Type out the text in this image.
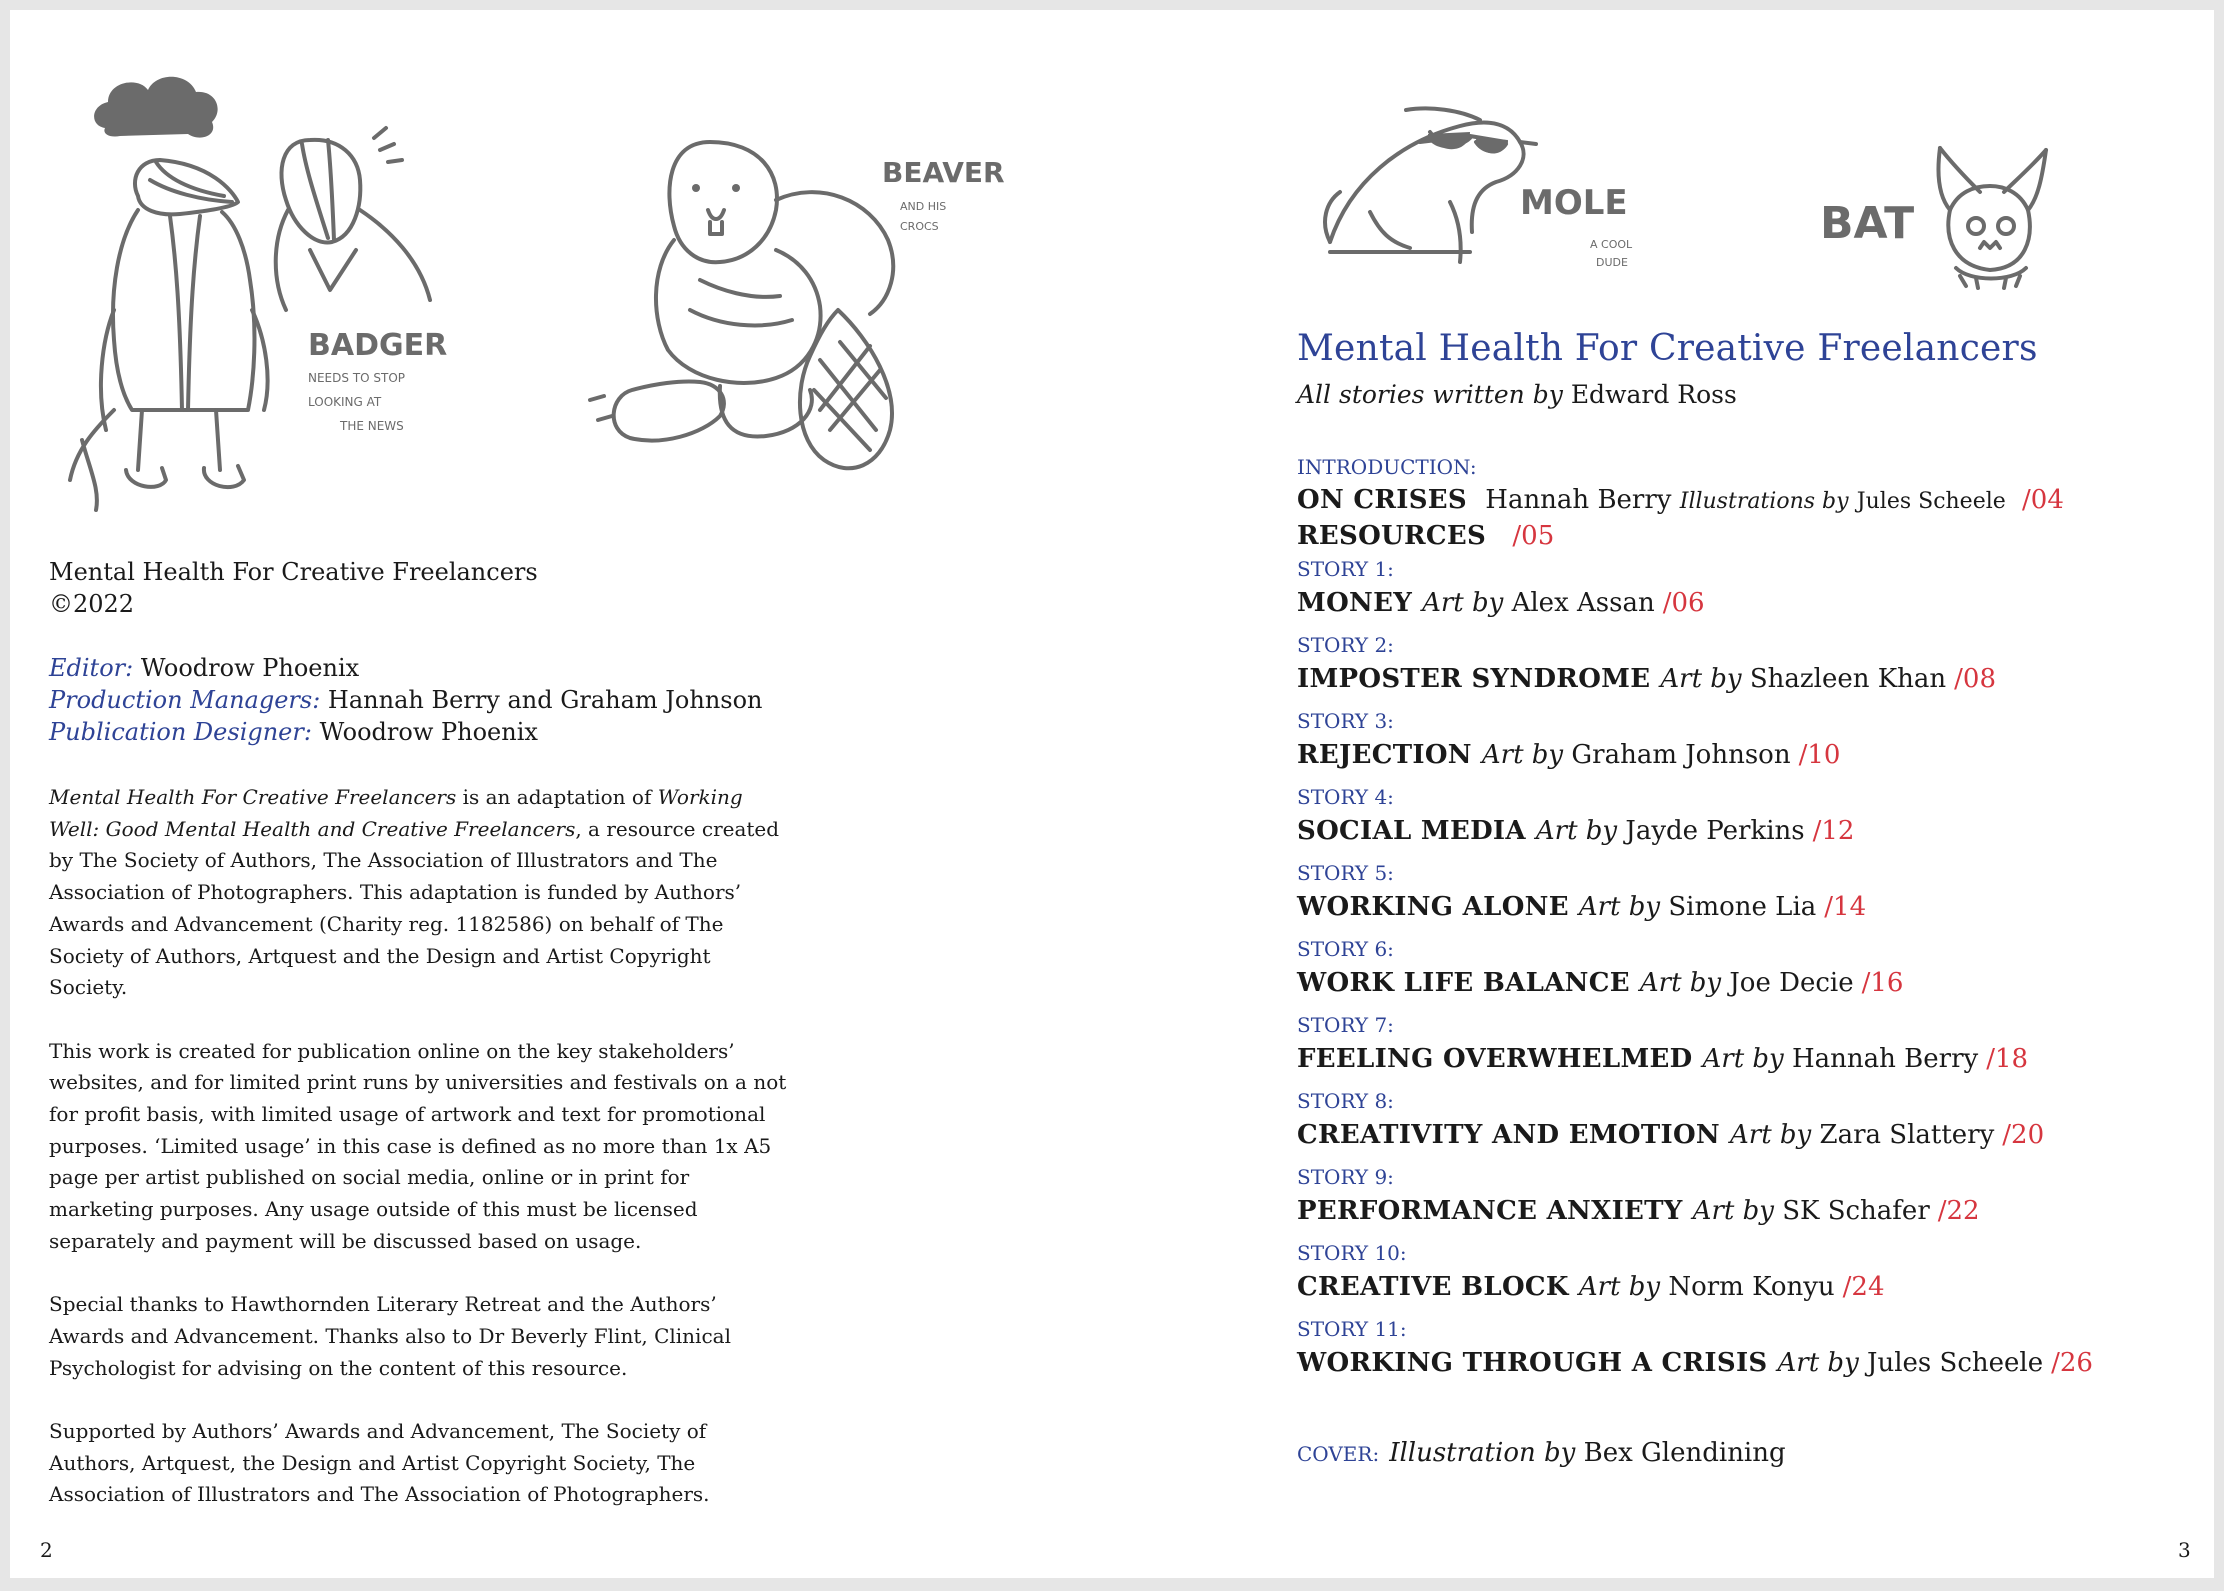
BADGER
NEEDS TO STOP
LOOKING AT
THE NEWS
BEAVER
AND HIS
CROCS
Mental Health For Creative Freelancers
©2022
Editor: Woodrow Phoenix
Production Managers: Hannah Berry and Graham Johnson
Publication Designer: Woodrow Phoenix

Mental Health For Creative Freelancers is an adaptation of Working Well: Good Mental Health and Creative Freelancers, a resource created by The Society of Authors, The Association of Illustrators and The Association of Photographers. This adaptation is funded by Authors’ Awards and Advancement (Charity reg. 1182586) on behalf of The Society of Authors, Artquest and the Design and Artist Copyright Society.

This work is created for publication online on the key stakeholders’ websites, and for limited print runs by universities and festivals on a not for profit basis, with limited usage of artwork and text for promotional purposes. ‘Limited usage’ in this case is defined as no more than 1x A5 page per artist published on social media, online or in print for marketing purposes. Any usage outside of this must be licensed separately and payment will be discussed based on usage.

Special thanks to Hawthornden Literary Retreat and the Authors’ Awards and Advancement. Thanks also to Dr Beverly Flint, Clinical Psychologist for advising on the content of this resource.

Supported by Authors’ Awards and Advancement, The Society of Authors, Artquest, the Design and Artist Copyright Society, The Association of Illustrators and The Association of Photographers.

2
MOLE
A COOL
DUDE
BAT
Mental Health For Creative Freelancers
All stories written by Edward Ross
INTRODUCTION:
ON CRISES Hannah Berry Illustrations by Jules Scheele /04
RESOURCES /05
STORY 1:
MONEY Art by Alex Assan /06
STORY 2:
IMPOSTER SYNDROME Art by Shazleen Khan /08
STORY 3:
REJECTION Art by Graham Johnson /10
STORY 4:
SOCIAL MEDIA Art by Jayde Perkins /12
STORY 5:
WORKING ALONE Art by Simone Lia /14
STORY 6:
WORK LIFE BALANCE Art by Joe Decie /16
STORY 7:
FEELING OVERWHELMED Art by Hannah Berry /18
STORY 8:
CREATIVITY AND EMOTION Art by Zara Slattery /20
STORY 9:
PERFORMANCE ANXIETY Art by SK Schafer /22
STORY 10:
CREATIVE BLOCK Art by Norm Konyu /24
STORY 11:
WORKING THROUGH A CRISIS Art by Jules Scheele /26
COVER: Illustration by Bex Glendining
3
